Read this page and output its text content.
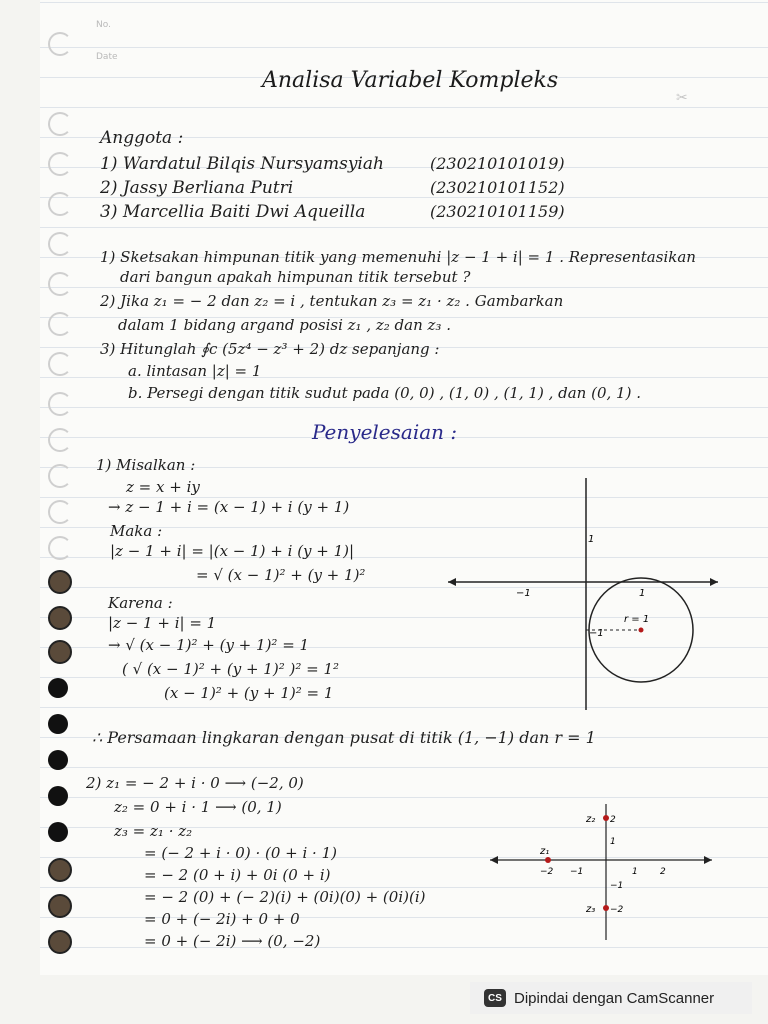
No.
Date
✂
Analisa Variabel Kompleks
Anggota :
1) Wardatul Bilqis Nursyamsyiah	(230210101019)
2) Jassy Berliana Putri	(230210101152)
3) Marcellia Baiti Dwi Aqueilla	(230210101159)
1) Sketsakan himpunan titik yang memenuhi |z − 1 + i| = 1 . Representasikan
dari bangun apakah himpunan titik tersebut ?
2) Jika z₁ = − 2 dan z₂ = i , tentukan z₃ = z₁ · z₂ . Gambarkan
dalam 1 bidang argand posisi z₁ , z₂ dan z₃ .
3) Hitunglah ∮c (5z⁴ − z³ + 2) dz sepanjang :
a. lintasan |z| = 1
b. Persegi dengan titik sudut pada (0, 0) , (1, 0) , (1, 1) , dan (0, 1) .
Penyelesaian :
1) Misalkan :
z = x + iy
→ z − 1 + i = (x − 1) + i (y + 1)
Maka :
|z − 1 + i| = |(x − 1) + i (y + 1)|
= √ (x − 1)² + (y + 1)²
Karena :
|z − 1 + i| = 1
→ √ (x − 1)² + (y + 1)² = 1
( √ (x − 1)² + (y + 1)² )² = 1²
(x − 1)² + (y + 1)² = 1
1
−1	1
−1
r = 1
∴ Persamaan lingkaran dengan pusat di titik (1, −1) dan r = 1
2) z₁ = − 2 + i · 0 ⟶ (−2, 0)
z₂ = 0 + i · 1 ⟶ (0, 1)
z₃ = z₁ · z₂
= (− 2 + i · 0) · (0 + i · 1)
= − 2 (0 + i) + 0i (0 + i)
= − 2 (0) + (− 2)(i) + (0i)(0) + (0i)(i)
= 0 + (− 2i) + 0 + 0
= 0 + (− 2i) ⟶ (0, −2)
z₂ 2
z₁
z₃ −2
−2 −1	1 2
1
−1
CS Dipindai dengan CamScanner
